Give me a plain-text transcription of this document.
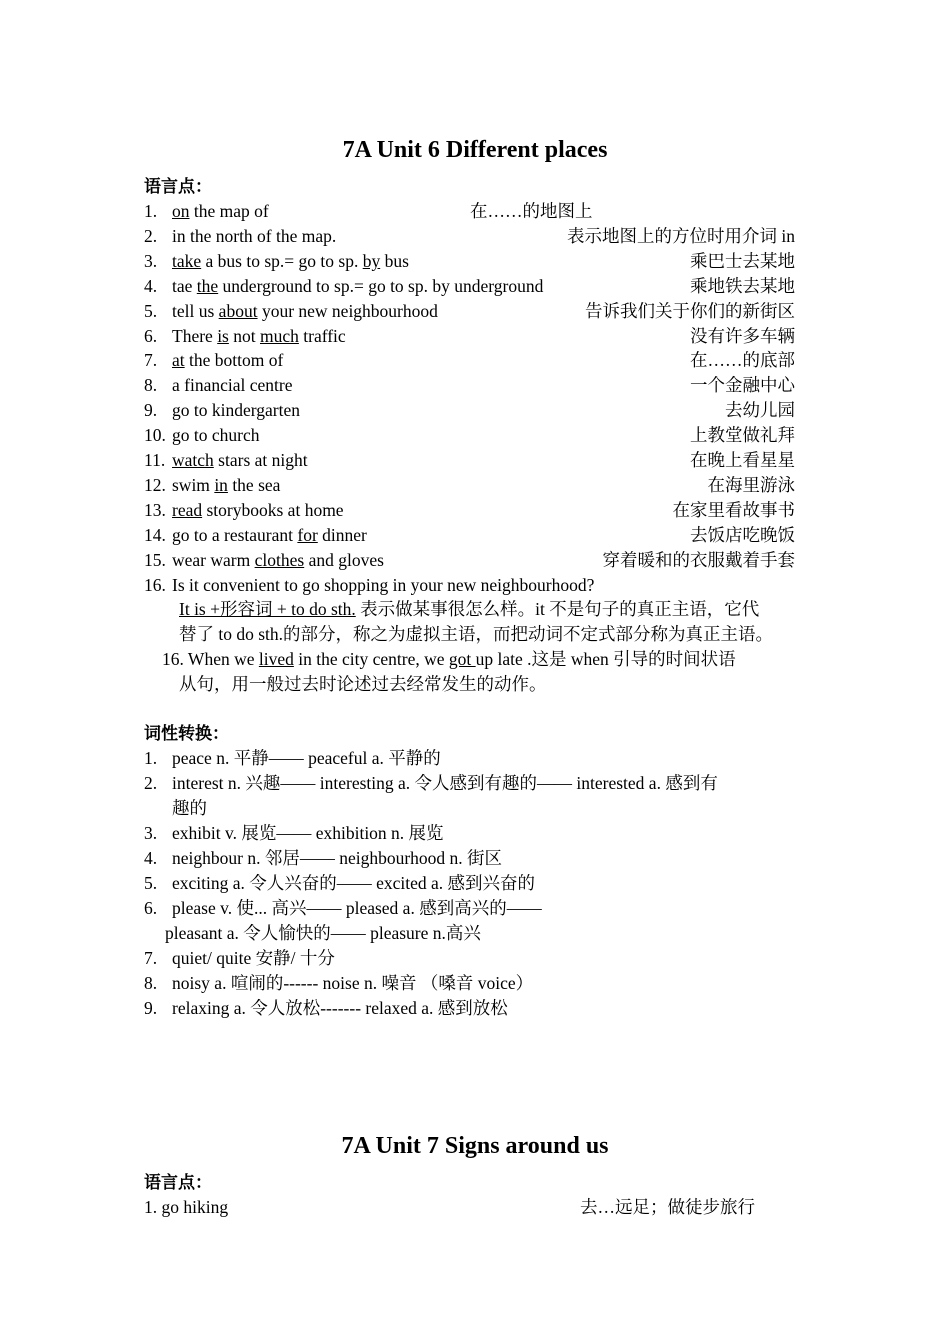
7A Unit 6 Different places
语言点：
1. on the map of	在……的地图上
2. in the north of the map.	表示地图上的方位时用介词 in
3. take a bus to sp.= go to sp. by bus	乘巴士去某地
4. tae the underground to sp.= go to sp. by underground	乘地铁去某地
5. tell us about your new neighbourhood	告诉我们关于你们的新街区
6. There is not much traffic	没有许多车辆
7. at the bottom of	在……的底部
8. a financial centre	一个金融中心
9. go to kindergarten	去幼儿园
10. go to church	上教堂做礼拜
11. watch stars at night	在晚上看星星
12. swim in the sea	在海里游泳
13. read storybooks at home	在家里看故事书
14. go to a restaurant for dinner	去饭店吃晚饭
15. wear warm clothes and gloves	穿着暖和的衣服戴着手套
16. Is it convenient to go shopping in your new neighbourhood?
It is +形容词 + to do sth. 表示做某事很怎么样。it 不是句子的真正主语，它代
替了 to do sth.的部分，称之为虚拟主语，而把动词不定式部分称为真正主语。
16. When we lived in the city centre, we got up late .这是 when 引导的时间状语
从句，用一般过去时论述过去经常发生的动作。
词性转换：
1. peace n. 平静—— peaceful a. 平静的
2. interest n. 兴趣—— interesting a. 令人感到有趣的—— interested a. 感到有
趣的
3. exhibit v. 展览—— exhibition n. 展览
4. neighbour n. 邻居—— neighbourhood n. 街区
5. exciting a. 令人兴奋的—— excited a. 感到兴奋的
6. please v. 使... 高兴—— pleased a. 感到高兴的——
pleasant a. 令人愉快的—— pleasure n.高兴
7. quiet/ quite 安静/ 十分
8. noisy a. 喧闹的------ noise n. 噪音 （嗓音 voice）
9. relaxing a. 令人放松------- relaxed a. 感到放松
7A Unit 7 Signs around us
语言点：
1. go hiking	去…远足；做徒步旅行
